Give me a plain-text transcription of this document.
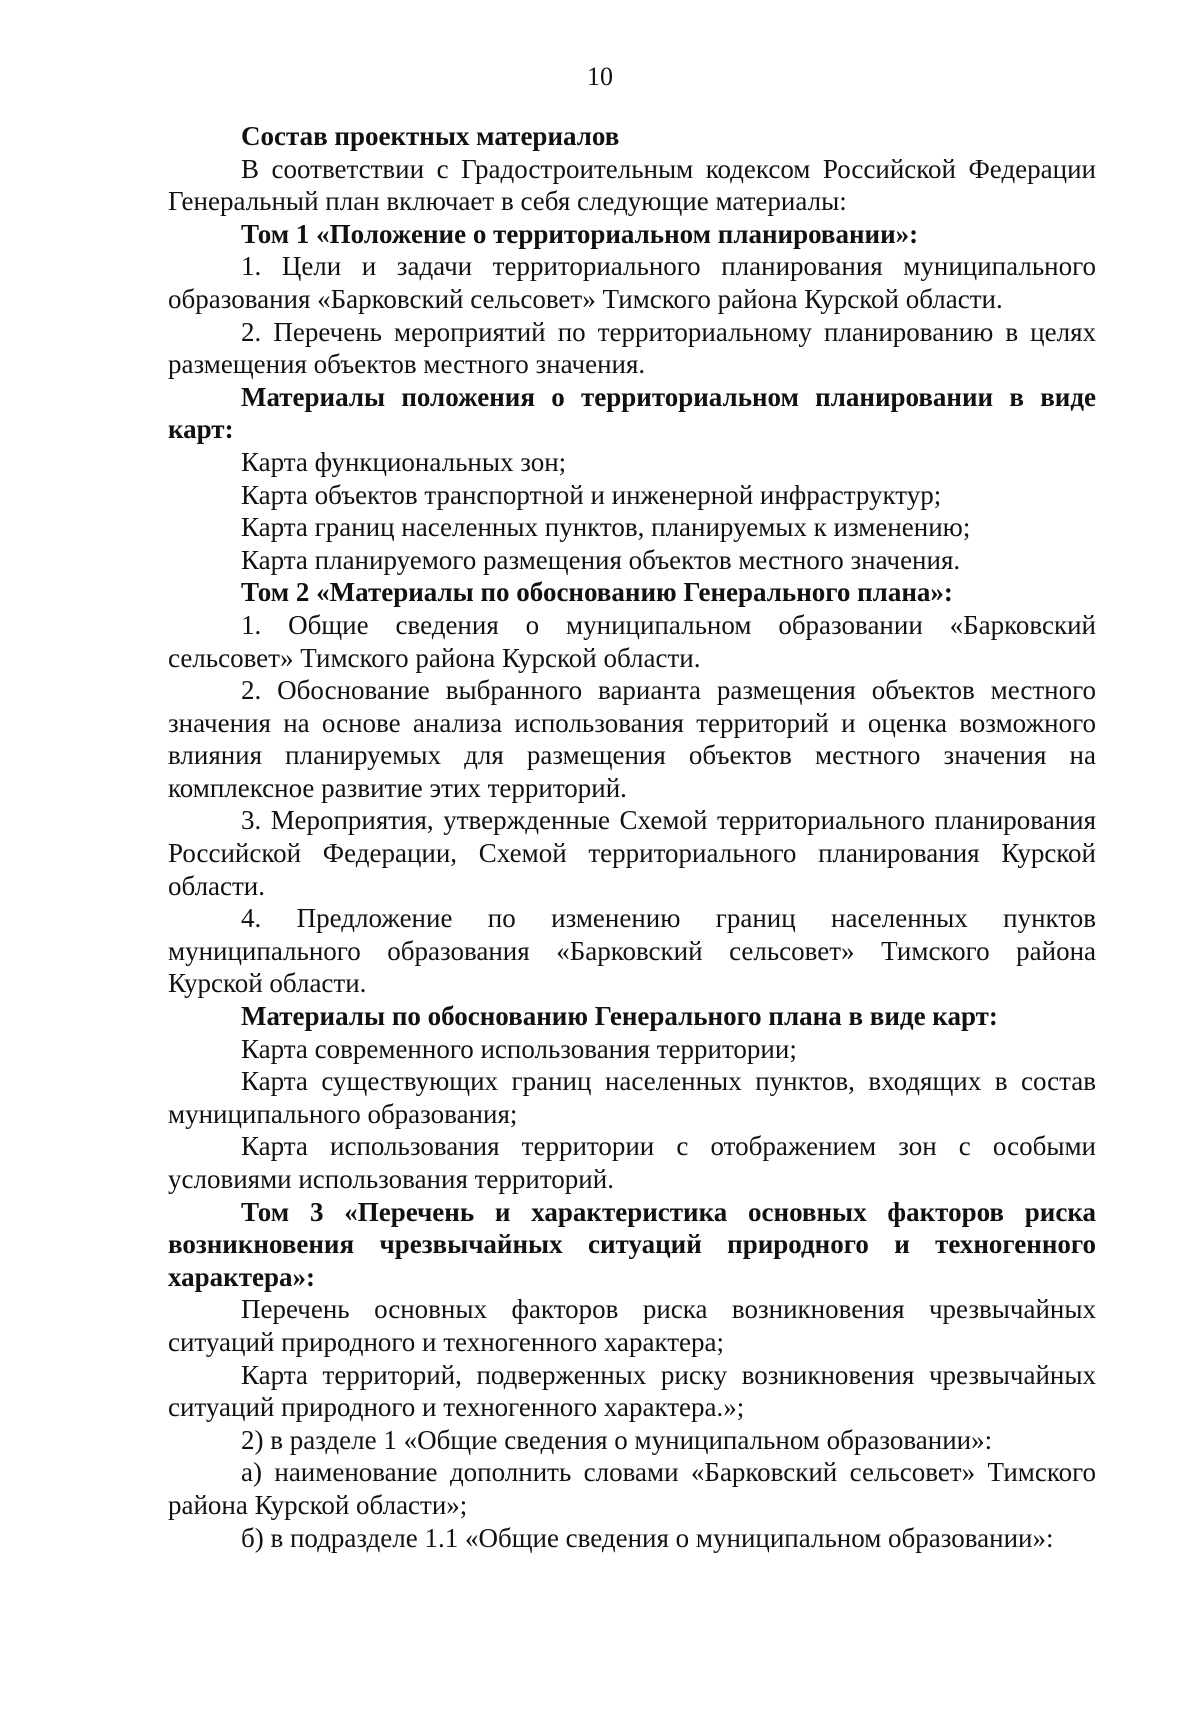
10

Состав проектных материалов

В соответствии с Градостроительным кодексом Российской Федерации Генеральный план включает в себя следующие материалы:

Том 1 «Положение о территориальном планировании»:

1. Цели и задачи территориального планирования муниципального образования «Барковский сельсовет» Тимского района Курской области.

2. Перечень мероприятий по территориальному планированию в целях размещения объектов местного значения.

Материалы положения о территориальном планировании в виде карт:

Карта функциональных зон;

Карта объектов транспортной и инженерной инфраструктур;

Карта границ населенных пунктов, планируемых к изменению;

Карта планируемого размещения объектов местного значения.

Том 2 «Материалы по обоснованию Генерального плана»:

1. Общие сведения о муниципальном образовании «Барковский сельсовет» Тимского района Курской области.

2. Обоснование выбранного варианта размещения объектов местного значения на основе анализа использования территорий и оценка возможного влияния планируемых для размещения объектов местного значения на комплексное развитие этих территорий.

3. Мероприятия, утвержденные Схемой территориального планирования Российской Федерации, Схемой территориального планирования Курской области.

4. Предложение по изменению границ населенных пунктов муниципального образования «Барковский сельсовет» Тимского района Курской области.

Материалы по обоснованию Генерального плана в виде карт:

Карта современного использования территории;

Карта существующих границ населенных пунктов, входящих в состав муниципального образования;

Карта использования территории с отображением зон с особыми условиями использования территорий.

Том 3 «Перечень и характеристика основных факторов риска возникновения чрезвычайных ситуаций природного и техногенного характера»:

Перечень основных факторов риска возникновения чрезвычайных ситуаций природного и техногенного характера;

Карта территорий, подверженных риску возникновения чрезвычайных ситуаций природного и техногенного характера.»;

2) в разделе 1 «Общие сведения о муниципальном образовании»:

а) наименование дополнить словами «Барковский сельсовет» Тимского района Курской области»;

б) в подразделе 1.1 «Общие сведения о муниципальном образовании»:
